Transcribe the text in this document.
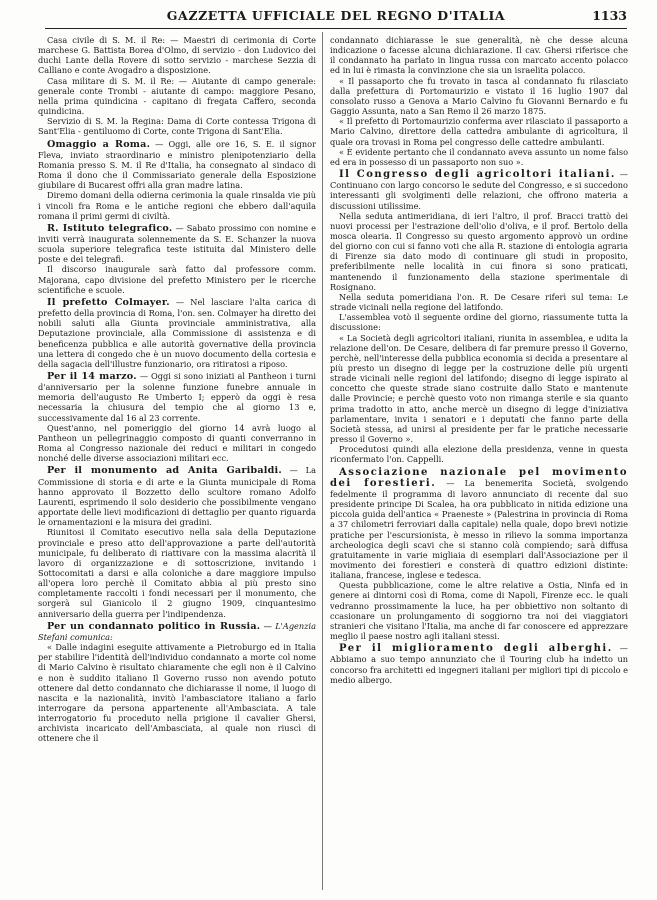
GAZZETTA UFFICIALE DEL REGNO D'ITALIA	1133

Casa civile di S. M. il Re: — Maestri di cerimonia di Corte marchese G. Battista Borea d'Olmo, di servizio - don Ludovico dei duchi Lante della Rovere di sotto servizio - marchese Sezzia di Calliano e conte Avogadro a disposizione.

Casa militare di S. M. il Re: — Aiutante di campo generale: generale conte Trombi - aiutante di campo: maggiore Pesano, nella prima quindicina - capitano di fregata Caffero, seconda quindicina.

Servizio di S. M. la Regina: Dama di Corte contessa Trigona di Sant'Elia - gentiluomo di Corte, conte Trigona di Sant'Elia.

Omaggio a Roma. — Oggi, alle ore 16, S. E. il signor Fleva, inviato straordinario e ministro plenipotenziario della Romania presso S. M. il Re d'Italia, ha consegnato al sindaco di Roma il dono che il Commissariato generale della Esposizione giubilare di Bucarest offri alla gran madre latina.

Diremo domani della odierna cerimonia la quale rinsalda vie più i vincoli fra Roma e le antiche regioni che ebbero dall'aquila romana il primi germi di civiltà.

R. Istituto telegrafico. — Sabato prossimo con nomine e inviti verrà inaugurata solennemente da S. E. Schanzer la nuova scuola superiore telegrafica teste istituita dal Ministero delle poste e dei telegrafi.

Il discorso inaugurale sarà fatto dal professore comm. Majorana, capo divisione del prefetto Ministero per le ricerche scientifiche e scuole.

Il prefetto Colmayer. — Nel lasciare l'alta carica di prefetto della provincia di Roma, l'on. sen. Colmayer ha diretto dei nobili saluti alla Giunta provinciale amministrativa, alla Deputazione provinciale, alla Commissione di assistenza e di beneficenza pubblica e alle autorità governative della provincia una lettera di congedo che è un nuovo documento della cortesia e della sagacia dell'illustre funzionario, ora ritiratosi a riposo.

Per il 14 marzo. — Oggi si sono iniziati al Pantheon i turni d'anniversario per la solenne funzione funebre annuale in memoria dell'augusto Re Umberto I; epperò da oggi è resa necessaria la chiusura del tempio che al giorno 13 e, successivamente dal 16 al 23 corrente.

Quest'anno, nel pomeriggio del giorno 14 avrà luogo al Pantheon un pellegrinaggio composto di quanti converranno in Roma al Congresso nazionale dei reduci e militari in congedo nonché delle diverse associazioni militari ecc.

Per il monumento ad Anita Garibaldi. — La Commissione di storia e di arte e la Giunta municipale di Roma hanno approvato il Bozzetto dello scultore romano Adolfo Laurenti, esprimendo il solo desiderio che possibilmente vengano apportate delle lievi modificazioni di dettaglio per quanto riguarda le ornamentazioni e la misura dei gradini.

Riunitosi il Comitato esecutivo nella sala della Deputazione provinciale e preso atto dell'approvazione a parte dell'autorità municipale, fu deliberato di riattivare con la massima alacrità il lavoro di organizzazione e di sottoscrizione, invitando i Sottocomitati a darsi e alla coloniche a dare maggiore impulso all'opera loro perchè il Comitato abbia al più presto sino completamente raccolti i fondi necessari per il monumento, che sorgerà sul Gianicolo il 2 giugno 1909, cinquantesimo anniversario della guerra per l'indipendenza.

Per un condannato politico in Russia. — L'Agenzia Stefani comunica:

« Dalle indagini eseguite attivamente a Pietroburgo ed in Italia per stabilire l'identità dell'individuo condannato a morte col nome di Mario Calvino è risultato chiaramente che egli non è il Calvino e non è suddito italiano Il Governo russo non avendo potuto ottenere dal detto condannato che dichiarasse il nome, il luogo di nascita e la nazionalità, invitò l'ambasciatore italiano a farlo interrogare da persona appartenente all'Ambasciata. A tale interrogatorio fu proceduto nella prigione il cavalier Ghersi, archivista incaricato dell'Ambasciata, al quale non riuscì di ottenere che il

condannato dichiarasse le sue generalità, nè che desse alcuna indicazione o facesse alcuna dichiarazione. Il cav. Ghersi riferisce che il condannato ha parlato in lingua russa con marcato accento polacco ed in lui è rimasta la convinzione che sia un israelita polacco.

« Il passaporto che fu trovato in tasca al condannato fu rilasciato dalla prefettura di Portomaurizio e vistato il 16 luglio 1907 dal consolato russo a Genova a Mario Calvino fu Giovanni Bernardo e fu Gaggio Assunta, nato a San Remo il 26 marzo 1875.

« Il prefetto di Portomaurizio conferma aver rilasciato il passaporto a Mario Calvino, direttore della cattedra ambulante di agricoltura, il quale ora trovasi in Roma pel congresso delle cattedre ambulanti.

« È evidente pertanto che il condannato aveva assunto un nome falso ed era in possesso di un passaporto non suo ».

Il Congresso degli agricoltori italiani. — Continuano con largo concorso le sedute del Congresso, e si succedono interessanti gli svolgimenti delle relazioni, che offrono materia a discussioni utilissime.

Nella seduta antimeridiana, di ieri l'altro, il prof. Bracci trattò dei nuovi processi per l'estrazione dell'olio d'oliva, e il prof. Bertolo della mosca olearia. Il Congresso su questo argomento approvò un ordine del giorno con cui si fanno voti che alla R. stazione di entologia agraria di Firenze sia dato modo di continuare gli studi in proposito, preferibilmente nelle località in cui finora si sono praticati, mantenendo il funzionamento della stazione sperimentale di Rosignano.

Nella seduta pomeridiana l'on. R. De Cesare riferì sul tema: Le strade vicinali nella regione del latifondo.

L'assemblea votò il seguente ordine del giorno, riassumente tutta la discussione:

« La Società degli agricoltori italiani, riunita in assemblea, e udita la relazione dell'on. De Cesare, delibera di far premure presso il Governo, perchè, nell'interesse della pubblica economia si decida a presentare al più presto un disegno di legge per la costruzione delle più urgenti strade vicinali nelle regioni del latifondo; disegno di legge ispirato al concetto che queste strade siano costruite dallo Stato e mantenute dalle Provincie; e perchè questo voto non rimanga sterile e sia quanto prima tradotto in atto, anche mercè un disegno di legge d'iniziativa parlamentare, invita i senatori e i deputati che fanno parte della Società stessa, ad unirsi al presidente per far le pratiche necessarie presso il Governo ».

Procedutosi quindi alla elezione della presidenza, venne in questa riconfermato l'on. Cappelli.

Associazione nazionale pel movimento dei forestieri. — La benemerita Società, svolgendo fedelmente il programma di lavoro annunciato di recente dal suo presidente principe Di Scalea, ha ora pubblicato in nitida edizione una piccola guida dell'antica « Praeneste » (Palestrina in provincia di Roma a 37 chilometri ferroviari dalla capitale) nella quale, dopo brevi notizie pratiche per l'escursionista, è messo in rilievo la somma importanza archeologica degli scavi che si stanno colà compiendo; sarà diffusa gratuitamente in varie migliaia di esemplari dall'Associazione per il movimento dei forestieri e consterà di quattro edizioni distinte: italiana, francese, inglese e tedesca.

Questa pubblicazione, come le altre relative a Ostia, Ninfa ed in genere ai dintorni così di Roma, come di Napoli, Firenze ecc. le quali vedranno prossimamente la luce, ha per obbiettivo non soltanto di ccasionare un prolungamento di soggiorno tra noi dei viaggiatori stranieri che visitano l'Italia, ma anche di far conoscere ed apprezzare meglio il paese nostro agli italiani stessi.

Per il miglioramento degli alberghi. — Abbiamo a suo tempo annunziato che il Touring club ha indetto un concorso fra architetti ed ingegneri italiani per migliori tipi di piccolo e medio albergo.
